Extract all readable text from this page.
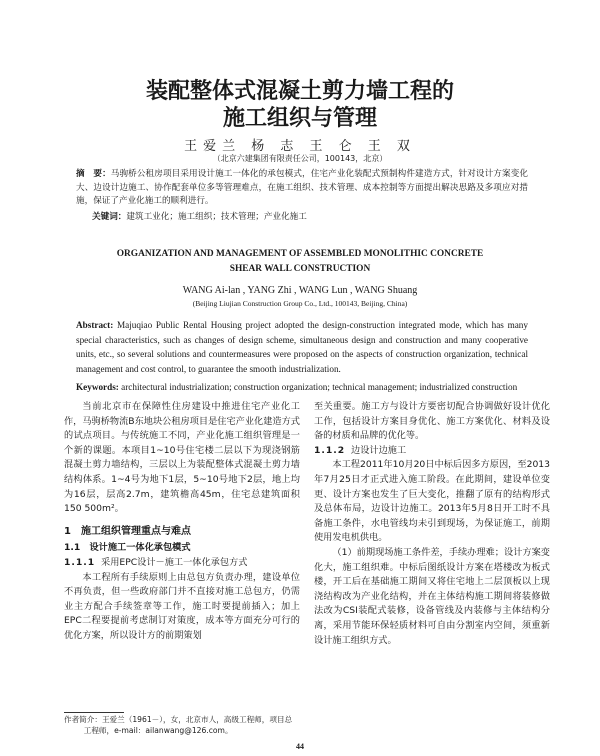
装配整体式混凝土剪力墙工程的
施工组织与管理
王爱兰 杨 志 王 仑 王 双
（北京六建集团有限责任公司，100143，北京）
摘　要：马驹桥公租房项目采用设计施工一体化的承包模式，住宅产业化装配式预制构件建造方式，针对设计方案变化大、边设计边施工、协作配套单位多等管理难点，在施工组织、技术管理、成本控制等方面提出解决思路及多项应对措施，保证了产业化施工的顺利进行。
关键词：建筑工业化；施工组织；技术管理；产业化施工
ORGANIZATION AND MANAGEMENT OF ASSEMBLED MONOLITHIC CONCRETE
SHEAR WALL CONSTRUCTION
WANG Ai-lan , YANG Zhi , WANG Lun , WANG Shuang
(Beijing Liujian Construction Group Co., Ltd., 100143, Beijing, China)
Abstract: Majuqiao Public Rental Housing project adopted the design-construction integrated mode, which has many special characteristics, such as changes of design scheme, simultaneous design and construction and many cooperative units, etc., so several solutions and countermeasures were proposed on the aspects of construction organization, technical management and cost control, to guarantee the smooth industrialization.
Keywords: architectural industrialization; construction organization; technical management; industrialized construction

当前北京市在保障性住房建设中推进住宅产业化工作，马驹桥物流B东地块公租房项目是住宅产业化建造方式的试点项目。与传统施工不同，产业化施工组织管理是一个新的课题。本项目1~10号住宅楼二层以下为现浇钢筋混凝土剪力墙结构，三层以上为装配整体式混凝土剪力墙结构体系。1~4号为地下1层，5~10号地下2层，地上均为16层，层高2.7m，建筑檐高45m，住宅总建筑面积150 500m²。

1　施工组织管理重点与难点

1.1　设计施工一体化承包模式

1.1.1 采用EPC设计－施工一体化承包方式

本工程所有手续原则上由总包方负责办理，建设单位不再负责，但一些政府部门并不直接对施工总包方，仍需业主方配合手续签章等工作，施工时要提前插入；加上EPC二程要提前考虑制订对策度，成本等方面充分可行的优化方案，所以设计方的前期策划

至关重要。施工方与设计方要密切配合协调做好设计优化工作，包括设计方案目身优化、施工方案优化、材料及设备的材质和品牌的优化等。

1.1.2 边设计边施工

本工程2011年10月20日中标后因多方原因，至2013年7月25日才正式进入施工阶段。在此期间，建设单位变更、设计方案也发生了巨大变化，推翻了原有的结构形式及总体布局，边设计边施工。2013年5月8日开工时不具备施工条件，水电管线均未引到现场，为保证施工，前期使用发电机供电。

（1）前期现场施工条件差，手续办理难；设计方案变化大，施工组织难。中标后图纸设计方案在塔楼改为板式楼，开工后在基础施工期间又将住宅地上二层顶板以上现浇结构改为产业化结构，并在主体结构施工期间将装修做法改为CSI装配式装修，设备管线及内装修与主体结构分离，采用节能环保轻质材料可自由分割室内空间，须重新设计施工组织方式。

作者简介：王爱兰（1961－），女，北京市人，高级工程师，项目总
工程师，e-mail：ailanwang@126.com。
44
